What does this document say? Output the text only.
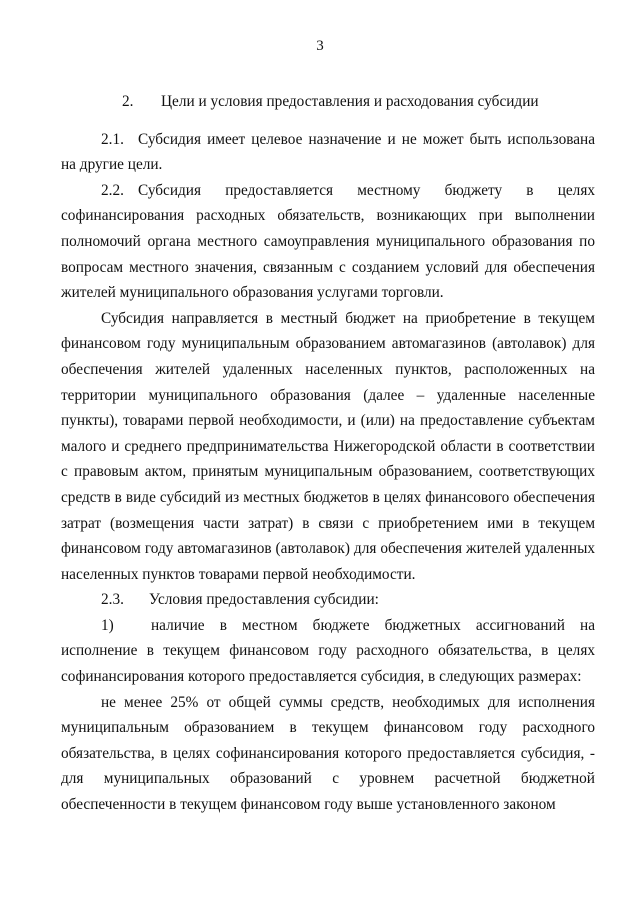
3
2. Цели и условия предоставления и расходования субсидии

2.1. Субсидия имеет целевое назначение и не может быть использована на другие цели.

2.2. Субсидия предоставляется местному бюджету в целях софинансирования расходных обязательств, возникающих при выполнении полномочий органа местного самоуправления муниципального образования по вопросам местного значения, связанным с созданием условий для обеспечения жителей муниципального образования услугами торговли.

Субсидия направляется в местный бюджет на приобретение в текущем финансовом году муниципальным образованием автомагазинов (автолавок) для обеспечения жителей удаленных населенных пунктов, расположенных на территории муниципального образования (далее – удаленные населенные пункты), товарами первой необходимости, и (или) на предоставление субъектам малого и среднего предпринимательства Нижегородской области в соответствии с правовым актом, принятым муниципальным образованием, соответствующих средств в виде субсидий из местных бюджетов в целях финансового обеспечения затрат (возмещения части затрат) в связи с приобретением ими в текущем финансовом году автомагазинов (автолавок) для обеспечения жителей удаленных населенных пунктов товарами первой необходимости.

2.3. Условия предоставления субсидии:

1) наличие в местном бюджете бюджетных ассигнований на исполнение в текущем финансовом году расходного обязательства, в целях софинансирования которого предоставляется субсидия, в следующих размерах:

не менее 25% от общей суммы средств, необходимых для исполнения муниципальным образованием в текущем финансовом году расходного обязательства, в целях софинансирования которого предоставляется субсидия, - для муниципальных образований с уровнем расчетной бюджетной обеспеченности в текущем финансовом году выше установленного законом
